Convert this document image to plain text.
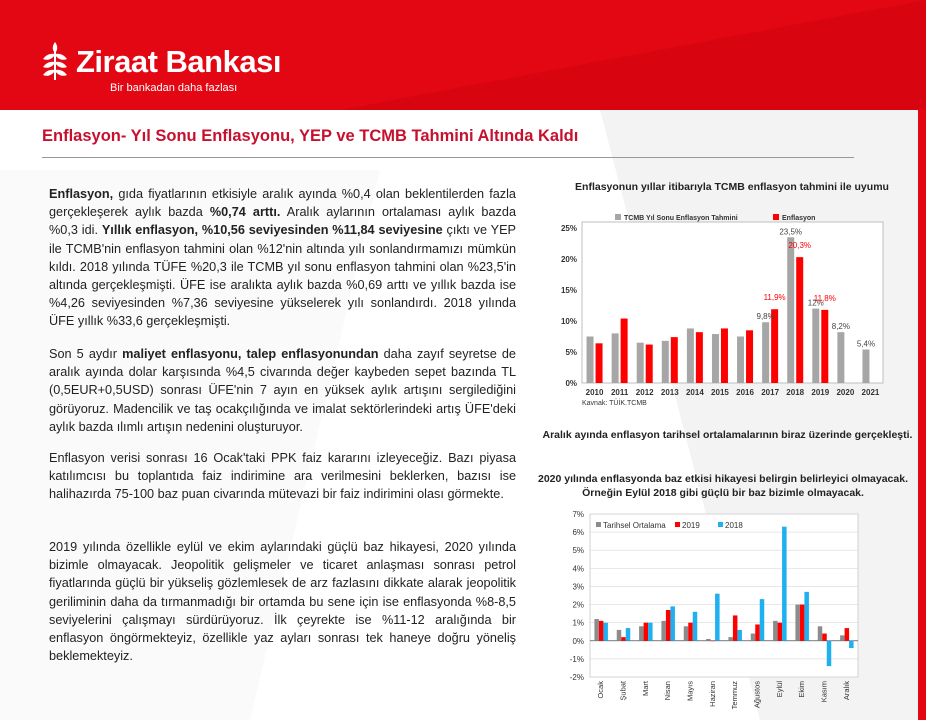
Ziraat Bankası
Bir bankadan daha fazlası
Enflasyon- Yıl Sonu Enflasyonu, YEP ve TCMB Tahmini Altında Kaldı
Enflasyon, gıda fiyatlarının etkisiyle aralık ayında %0,4 olan beklentilerden fazla gerçekleşerek aylık bazda %0,74 arttı. Aralık aylarının ortalaması aylık bazda %0,3 idi. Yıllık enflasyon, %10,56 seviyesinden %11,84 seviyesine çıktı ve YEP ile TCMB'nin enflasyon tahmini olan %12'nin altında yılı sonlandırmamızı mümkün kıldı. 2018 yılında TÜFE %20,3 ile TCMB yıl sonu enflasyon tahmini olan %23,5'in altında gerçekleşmişti. ÜFE ise aralıkta aylık bazda %0,69 arttı ve yıllık bazda ise %4,26 seviyesinden %7,36 seviyesine yükselerek yılı sonlandırdı. 2018 yılında ÜFE yıllık %33,6 gerçekleşmişti.
Son 5 aydır maliyet enflasyonu, talep enflasyonundan daha zayıf seyretse de aralık ayında dolar karşısında %4,5 civarında değer kaybeden sepet bazında TL (0,5EUR+0,5USD) sonrası ÜFE'nin 7 ayın en yüksek aylık artışını sergilediğini görüyoruz. Madencilik ve taş ocakçılığında ve imalat sektörlerindeki artış ÜFE'deki aylık bazda ılımlı artışın nedenini oluşturuyor.
Enflasyon verisi sonrası 16 Ocak'taki PPK faiz kararını izleyeceğiz. Bazı piyasa katılımcısı bu toplantıda faiz indirimine ara verilmesini beklerken, bazısı ise halihazırda 75-100 baz puan civarında mütevazi bir faiz indirimini olası görmekte.
2019 yılında özellikle eylül ve ekim aylarındaki güçlü baz hikayesi, 2020 yılında bizimle olmayacak. Jeopolitik gelişmeler ve ticaret anlaşması sonrası petrol fiyatlarında güçlü bir yükseliş gözlemlesek de arz fazlasını dikkate alarak jeopolitik geriliminin daha da tırmanmadığı bir ortamda bu sene için ise enflasyonda %8-8,5 seviyelerini çalışmayı sürdürüyoruz. İlk çeyrekte ise %11-12 aralığında bir enflasyon öngörmekteyiz, özellikle yaz ayları sonrası tek haneye doğru yöneliş beklemekteyiz.
Enflasyonun yıllar itibarıyla TCMB enflasyon tahmini ile uyumu
0%
5%
10%
15%
20%
25%
2010 2011 2012 2013 2014 2015 2016 2017
9,8%
11,9%
2018
23,5%
20,3%
2019
12%
11,8%
2020
8,2%
2021
5,4%
TCMB Yıl Sonu Enflasyon Tahmini	Enflasyon
Kavnak: TÜİK.TCMB
Aralık ayında enflasyon tarihsel ortalamalarının biraz üzerinde gerçekleşti.
2020 yılında enflasyonda baz etkisi hikayesi belirgin belirleyici olmayacak. Örneğin Eylül 2018 gibi güçlü bir baz bizimle olmayacak.
7%
6%
5%
4%
3%
2%
1%
0%
-1%
-2%
Ocak Şubat Mart Nisan Mayıs Haziran Temmuz Ağustos Eylül Ekim Kasım Aralık
Tarihsel Ortalama 2019	2018
